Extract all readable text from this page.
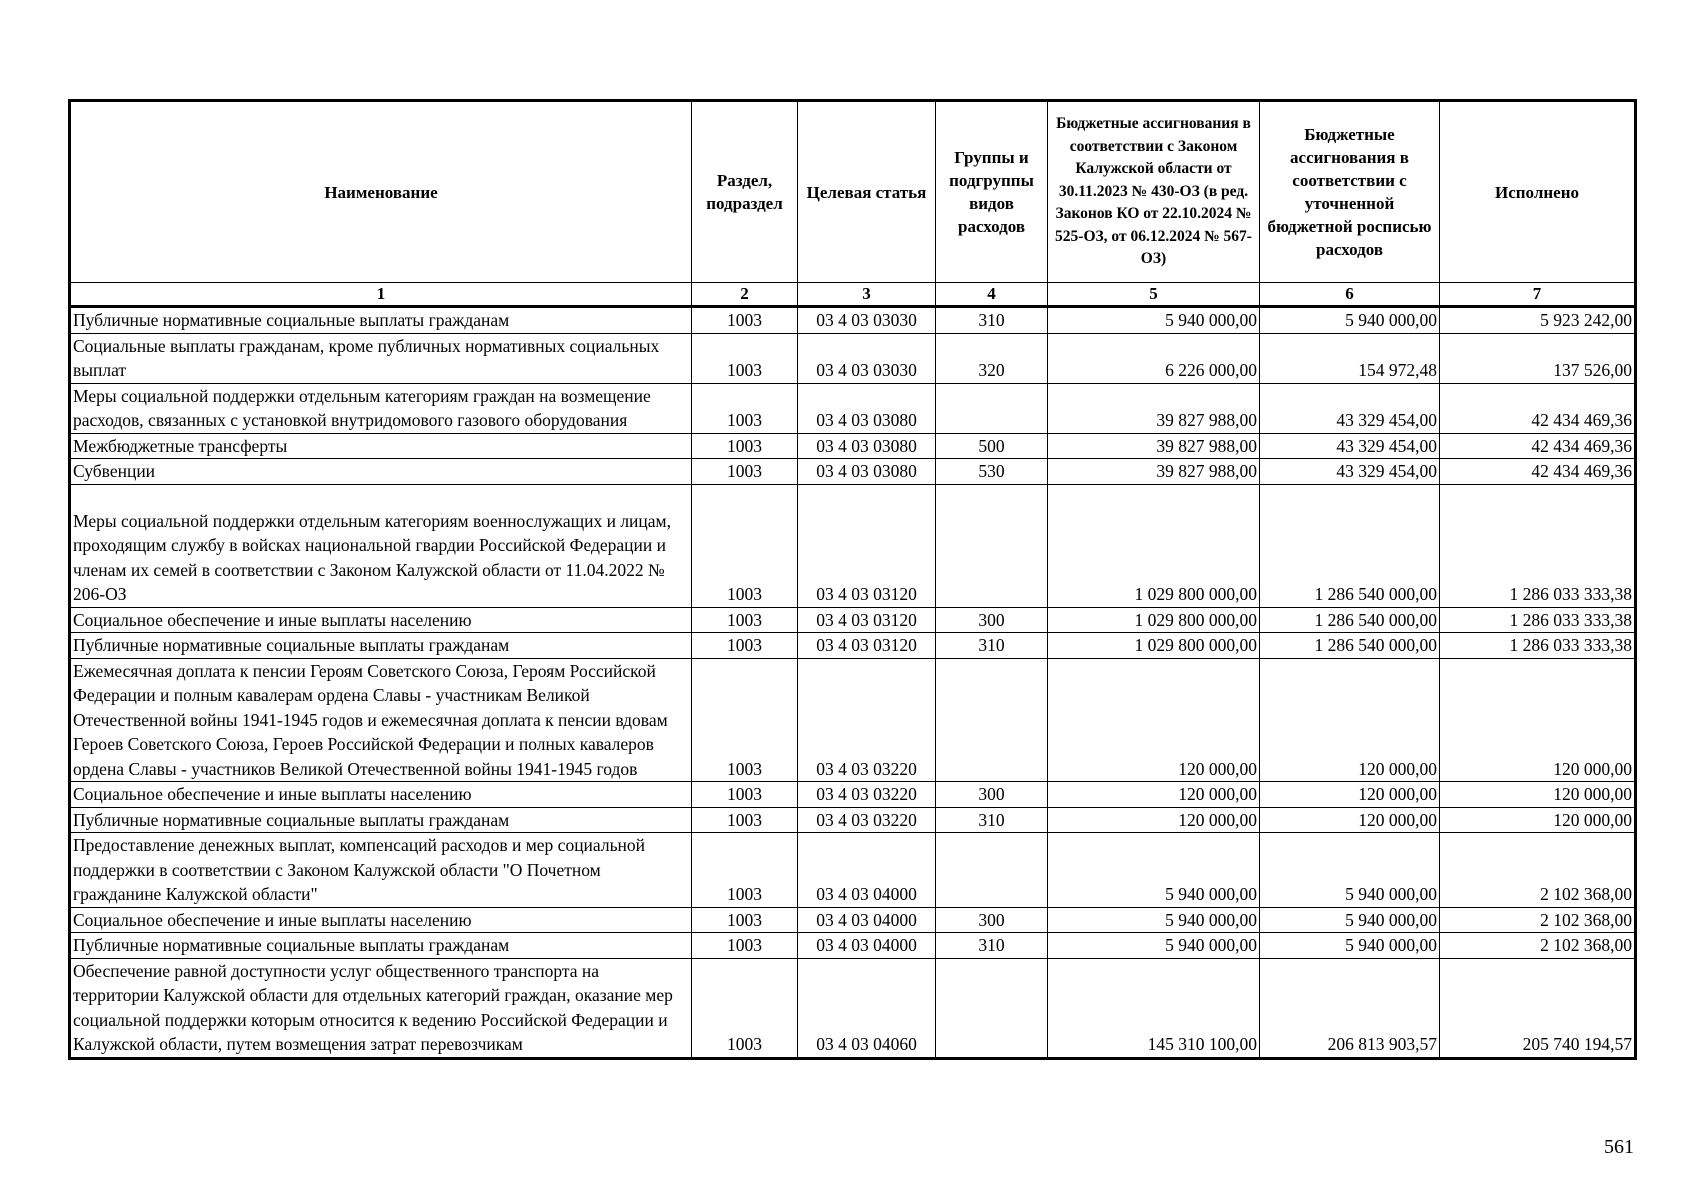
Наименование	Раздел, подраздел	Целевая статья	Группы и подгруппы видов расходов	Бюджетные ассигнования в соответствии с Законом Калужской области от 30.11.2023 № 430-ОЗ (в ред. Законов КО от 22.10.2024 № 525-ОЗ, от 06.12.2024 № 567-ОЗ)	Бюджетные ассигнования в соответствии с уточненной бюджетной росписью расходов	Исполнено
1	2	3	4	5	6	7
Публичные нормативные социальные выплаты гражданам	1003	03 4 03 03030	310	5 940 000,00	5 940 000,00	5 923 242,00
Социальные выплаты гражданам, кроме публичных нормативных социальных выплат	1003	03 4 03 03030	320	6 226 000,00	154 972,48	137 526,00
Меры социальной поддержки отдельным категориям граждан на возмещение расходов, связанных с установкой внутридомового газового оборудования	1003	03 4 03 03080		39 827 988,00	43 329 454,00	42 434 469,36
Межбюджетные трансферты	1003	03 4 03 03080	500	39 827 988,00	43 329 454,00	42 434 469,36
Субвенции	1003	03 4 03 03080	530	39 827 988,00	43 329 454,00	42 434 469,36
Меры социальной поддержки отдельным категориям военнослужащих и лицам, проходящим службу в войсках национальной гвардии Российской Федерации и членам их семей в соответствии с Законом Калужской области от 11.04.2022 № 206-ОЗ	1003	03 4 03 03120		1 029 800 000,00	1 286 540 000,00	1 286 033 333,38
Социальное обеспечение и иные выплаты населению	1003	03 4 03 03120	300	1 029 800 000,00	1 286 540 000,00	1 286 033 333,38
Публичные нормативные социальные выплаты гражданам	1003	03 4 03 03120	310	1 029 800 000,00	1 286 540 000,00	1 286 033 333,38
Ежемесячная доплата к пенсии Героям Советского Союза, Героям Российской Федерации и полным кавалерам ордена Славы - участникам Великой Отечественной войны 1941-1945 годов и ежемесячная доплата к пенсии вдовам Героев Советского Союза, Героев Российской Федерации и полных кавалеров ордена Славы - участников Великой Отечественной войны 1941-1945 годов	1003	03 4 03 03220		120 000,00	120 000,00	120 000,00
Социальное обеспечение и иные выплаты населению	1003	03 4 03 03220	300	120 000,00	120 000,00	120 000,00
Публичные нормативные социальные выплаты гражданам	1003	03 4 03 03220	310	120 000,00	120 000,00	120 000,00
Предоставление денежных выплат, компенсаций расходов и мер социальной поддержки в соответствии с Законом Калужской области "О Почетном гражданине Калужской области"	1003	03 4 03 04000		5 940 000,00	5 940 000,00	2 102 368,00
Социальное обеспечение и иные выплаты населению	1003	03 4 03 04000	300	5 940 000,00	5 940 000,00	2 102 368,00
Публичные нормативные социальные выплаты гражданам	1003	03 4 03 04000	310	5 940 000,00	5 940 000,00	2 102 368,00
Обеспечение равной доступности услуг общественного транспорта на территории Калужской области для отдельных категорий граждан, оказание мер социальной поддержки которым относится к ведению Российской Федерации и Калужской области, путем возмещения затрат перевозчикам	1003	03 4 03 04060		145 310 100,00	206 813 903,57	205 740 194,57
561
